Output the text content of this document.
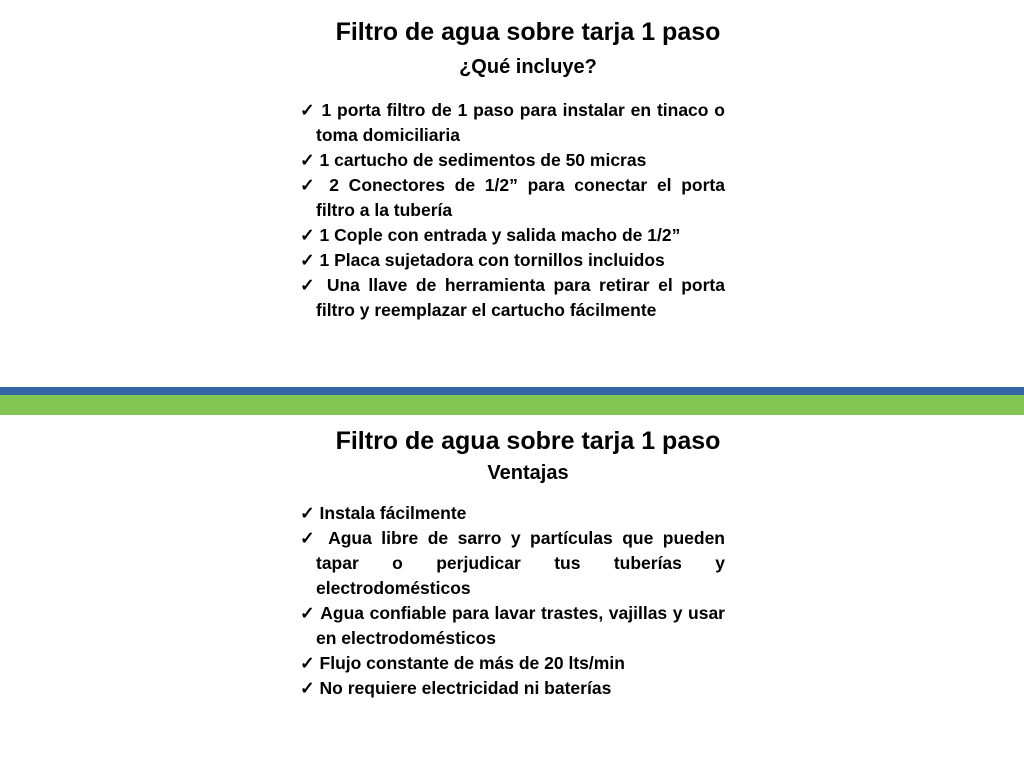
Filtro de agua sobre tarja 1 paso
¿Qué incluye?
✓ 1 porta filtro de 1 paso para instalar en tinaco o toma domiciliaria
✓ 1 cartucho de sedimentos de 50 micras
✓ 2 Conectores de 1/2” para conectar el porta filtro a la tubería
✓ 1 Cople con entrada y salida macho de 1/2”
✓ 1 Placa sujetadora con tornillos incluidos
✓ Una llave de herramienta para retirar el porta filtro y reemplazar el cartucho fácilmente
Filtro de agua sobre tarja 1 paso
Ventajas
✓ Instala fácilmente
✓ Agua libre de sarro y partículas que pueden tapar o perjudicar tus tuberías y electrodomésticos
✓ Agua confiable para lavar trastes, vajillas y usar en electrodomésticos
✓ Flujo constante de más de 20 lts/min
✓ No requiere electricidad ni baterías
